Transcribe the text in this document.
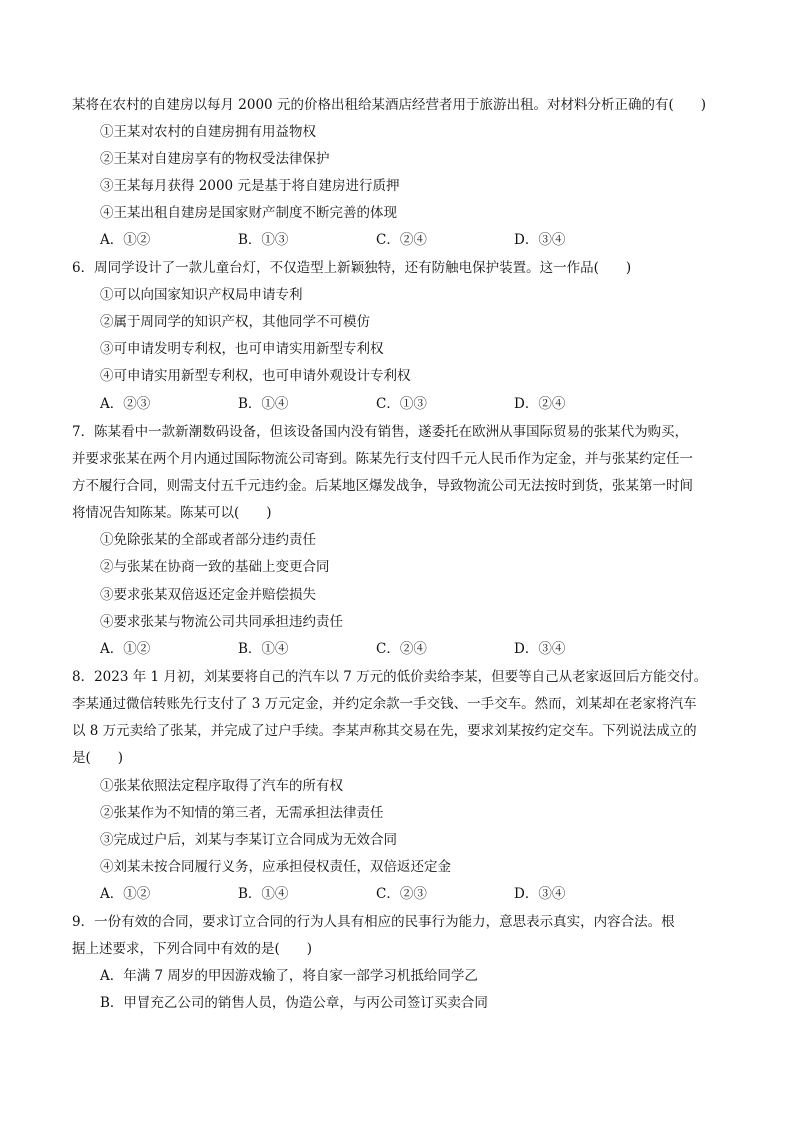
某将在农村的自建房以每月 2000 元的价格出租给某酒店经营者用于旅游出租。对材料分析正确的有(　　)
①王某对农村的自建房拥有用益物权
②王某对自建房享有的物权受法律保护
③王某每月获得 2000 元是基于将自建房进行质押
④王某出租自建房是国家财产制度不断完善的体现
A．①②	B．①③	C．②④	D．③④
6．周同学设计了一款儿童台灯，不仅造型上新颖独特，还有防触电保护装置。这一作品(　　)
①可以向国家知识产权局申请专利
②属于周同学的知识产权，其他同学不可模仿
③可申请发明专利权，也可申请实用新型专利权
④可申请实用新型专利权，也可申请外观设计专利权
A．②③	B．①④	C．①③	D．②④
7．陈某看中一款新潮数码设备，但该设备国内没有销售，遂委托在欧洲从事国际贸易的张某代为购买，
并要求张某在两个月内通过国际物流公司寄到。陈某先行支付四千元人民币作为定金，并与张某约定任一
方不履行合同，则需支付五千元违约金。后某地区爆发战争，导致物流公司无法按时到货，张某第一时间
将情况告知陈某。陈某可以(　　)
①免除张某的全部或者部分违约责任
②与张某在协商一致的基础上变更合同
③要求张某双倍返还定金并赔偿损失
④要求张某与物流公司共同承担违约责任
A．①②	B．①④	C．②④	D．③④
8．2023 年 1 月初，刘某要将自己的汽车以 7 万元的低价卖给李某，但要等自己从老家返回后方能交付。
李某通过微信转账先行支付了 3 万元定金，并约定余款一手交钱、一手交车。然而，刘某却在老家将汽车
以 8 万元卖给了张某，并完成了过户手续。李某声称其交易在先，要求刘某按约定交车。下列说法成立的
是(　　)
①张某依照法定程序取得了汽车的所有权
②张某作为不知情的第三者，无需承担法律责任
③完成过户后，刘某与李某订立合同成为无效合同
④刘某未按合同履行义务，应承担侵权责任，双倍返还定金
A．①②	B．①④	C．②③	D．③④
9．一份有效的合同，要求订立合同的行为人具有相应的民事行为能力，意思表示真实，内容合法。根
据上述要求，下列合同中有效的是(　　)
A．年满 7 周岁的甲因游戏输了，将自家一部学习机抵给同学乙
B．甲冒充乙公司的销售人员，伪造公章，与丙公司签订买卖合同
